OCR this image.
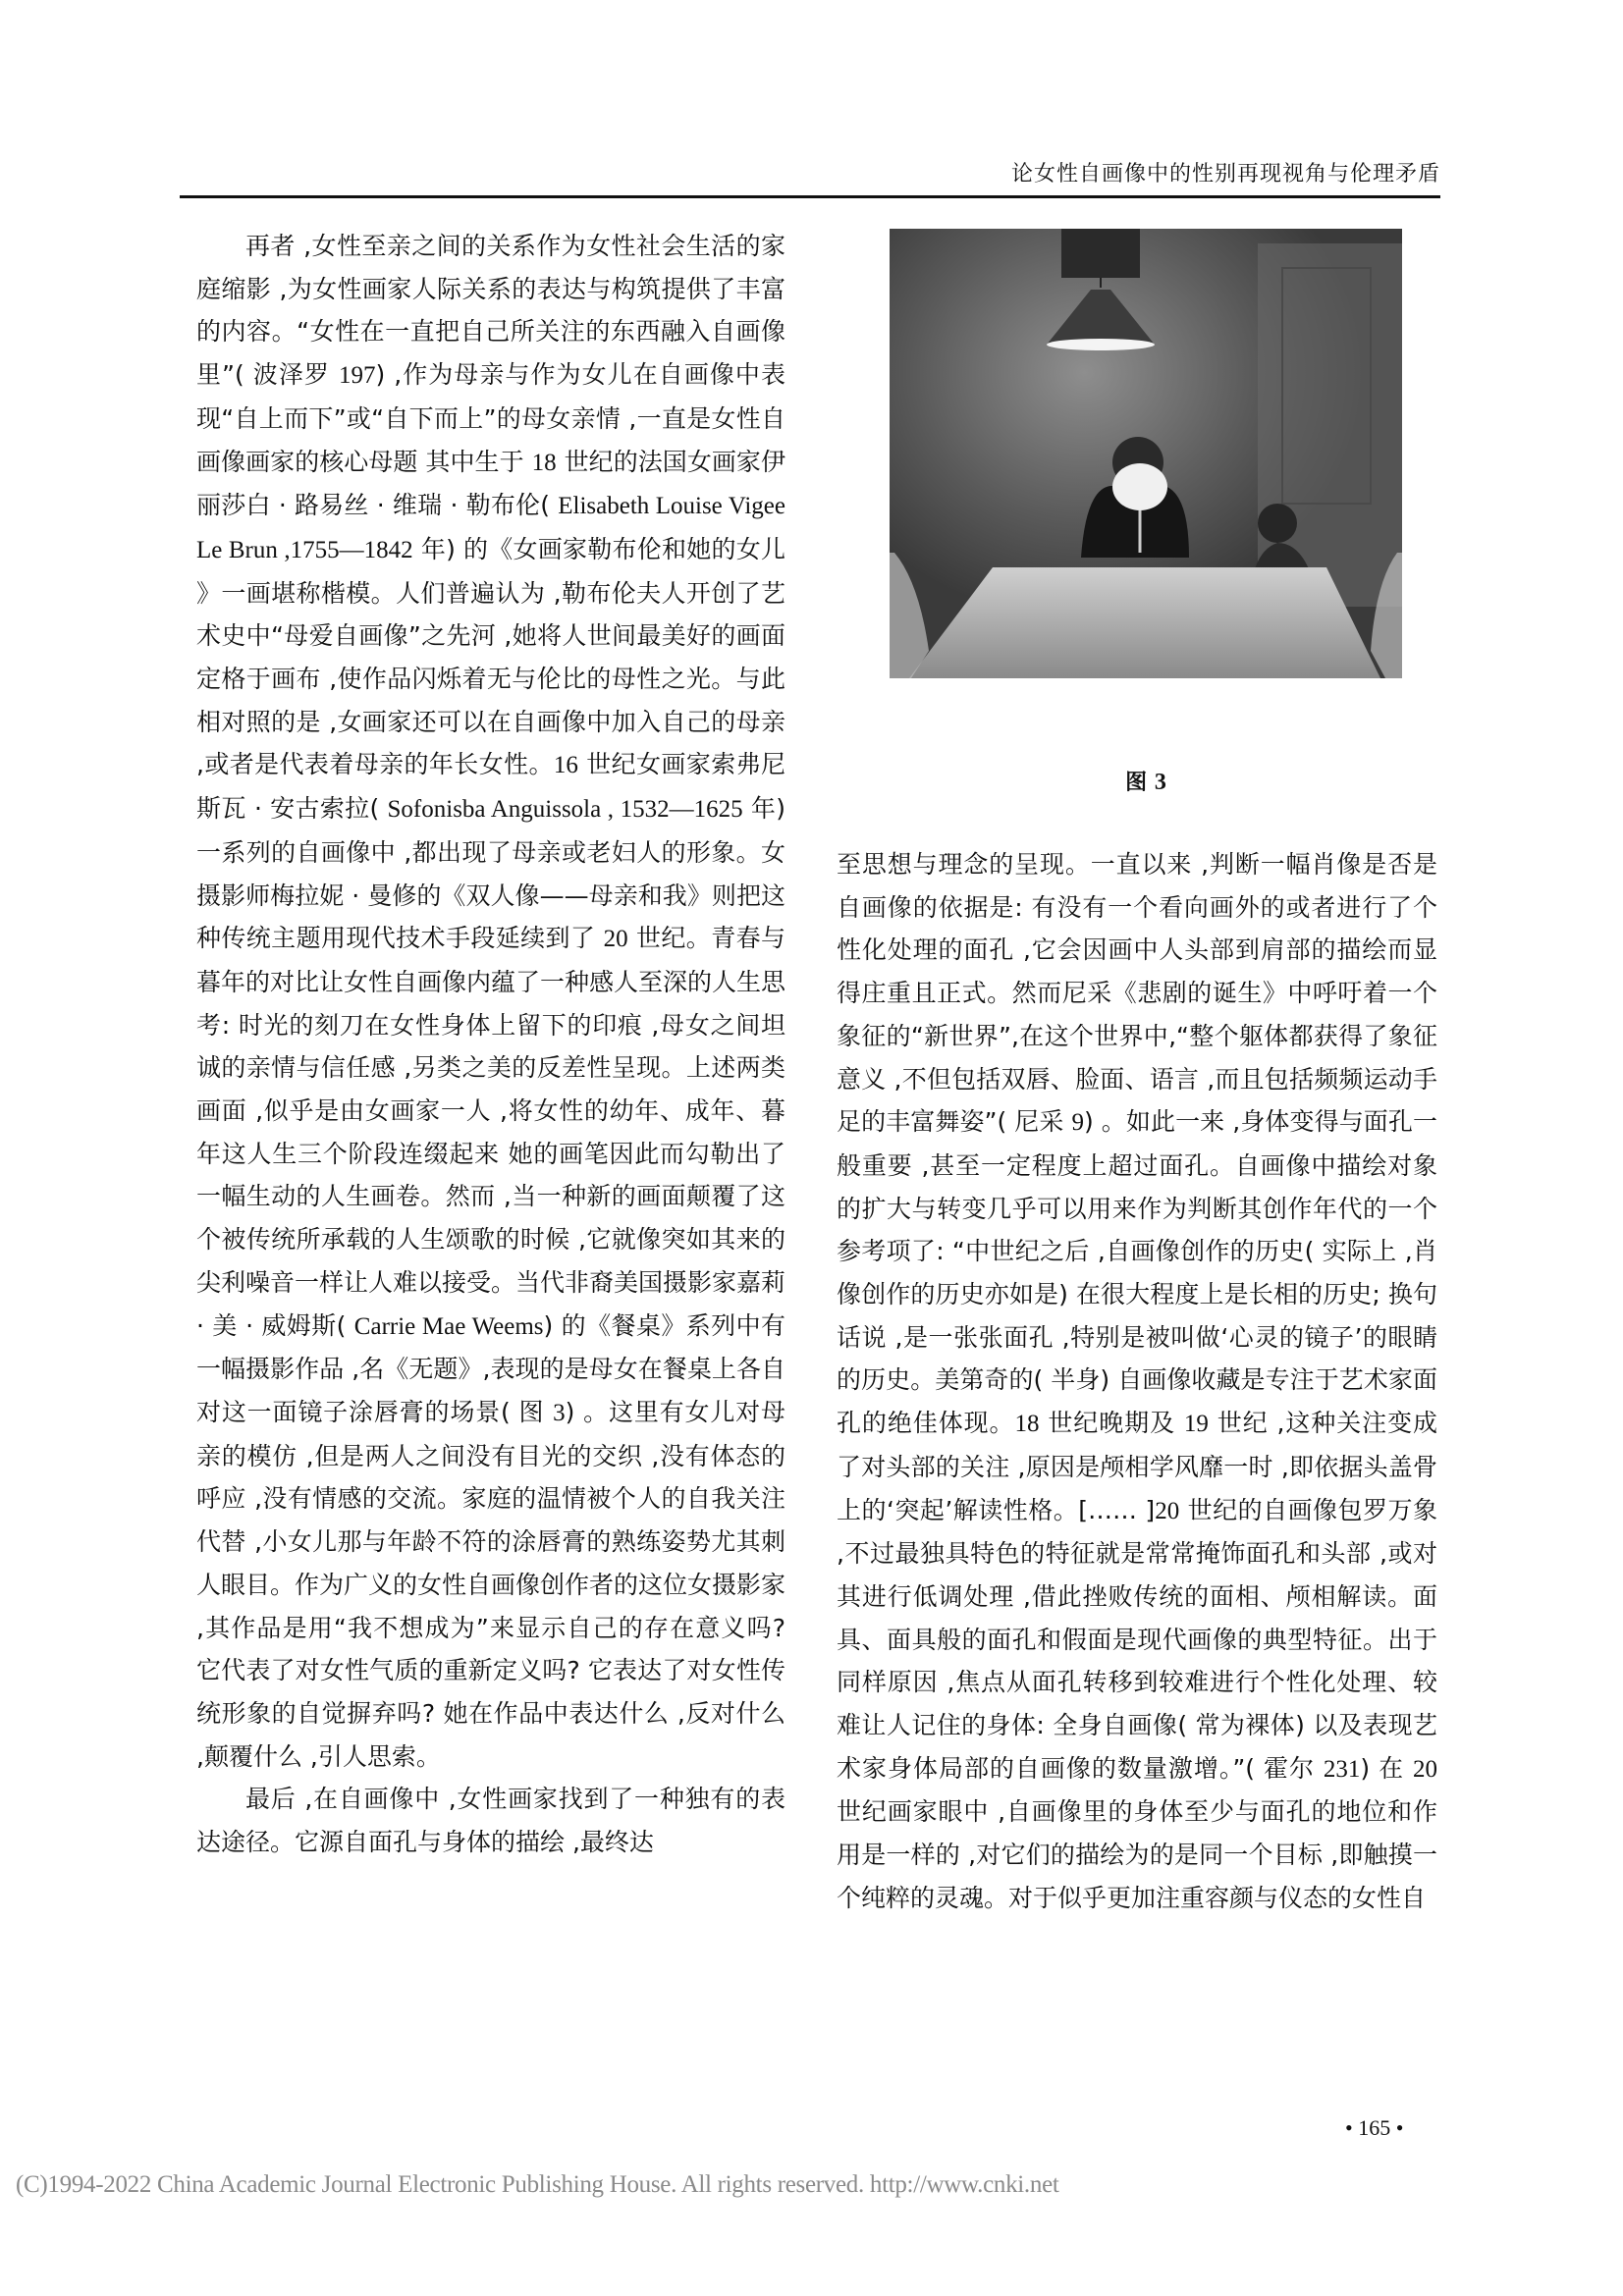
论女性自画像中的性别再现视角与伦理矛盾

再者 ,女性至亲之间的关系作为女性社会生活的家庭缩影 ,为女性画家人际关系的表达与构筑提供了丰富的内容。“女性在一直把自己所关注的东西融入自画像里”( 波泽罗 197) ,作为母亲与作为女儿在自画像中表现“自上而下”或“自下而上”的母女亲情 ,一直是女性自画像画家的核心母题 其中生于 18 世纪的法国女画家伊丽莎白 · 路易丝 · 维瑞 · 勒布伦( Elisabeth Louise Vigee Le Brun ,1755—1842 年) 的《女画家勒布伦和她的女儿》一画堪称楷模。人们普遍认为 ,勒布伦夫人开创了艺术史中“母爱自画像”之先河 ,她将人世间最美好的画面定格于画布 ,使作品闪烁着无与伦比的母性之光。与此相对照的是 ,女画家还可以在自画像中加入自己的母亲 ,或者是代表着母亲的年长女性。16 世纪女画家索弗尼斯瓦 · 安古索拉( Sofonisba Anguissola , 1532—1625 年) 一系列的自画像中 ,都出现了母亲或老妇人的形象。女摄影师梅拉妮 · 曼修的《双人像——母亲和我》则把这种传统主题用现代技术手段延续到了 20 世纪。青春与暮年的对比让女性自画像内蕴了一种感人至深的人生思考: 时光的刻刀在女性身体上留下的印痕 ,母女之间坦诚的亲情与信任感 ,另类之美的反差性呈现。上述两类画面 ,似乎是由女画家一人 ,将女性的幼年、成年、暮年这人生三个阶段连缀起来 她的画笔因此而勾勒出了一幅生动的人生画卷。然而 ,当一种新的画面颠覆了这个被传统所承载的人生颂歌的时候 ,它就像突如其来的尖利噪音一样让人难以接受。当代非裔美国摄影家嘉莉 · 美 · 威姆斯( Carrie Mae Weems) 的《餐桌》系列中有一幅摄影作品 ,名《无题》,表现的是母女在餐桌上各自对这一面镜子涂唇膏的场景( 图 3) 。这里有女儿对母亲的模仿 ,但是两人之间没有目光的交织 ,没有体态的呼应 ,没有情感的交流。家庭的温情被个人的自我关注代替 ,小女儿那与年龄不符的涂唇膏的熟练姿势尤其刺人眼目。作为广义的女性自画像创作者的这位女摄影家 ,其作品是用“我不想成为”来显示自己的存在意义吗? 它代表了对女性气质的重新定义吗? 它表达了对女性传统形象的自觉摒弃吗? 她在作品中表达什么 ,反对什么 ,颠覆什么 ,引人思索。

最后 ,在自画像中 ,女性画家找到了一种独有的表达途径。它源自面孔与身体的描绘 ,最终达

图 3

至思想与理念的呈现。一直以来 ,判断一幅肖像是否是自画像的依据是: 有没有一个看向画外的或者进行了个性化处理的面孔 ,它会因画中人头部到肩部的描绘而显得庄重且正式。然而尼采《悲剧的诞生》中呼吁着一个象征的“新世界”,在这个世界中,“整个躯体都获得了象征意义 ,不但包括双唇、脸面、语言 ,而且包括频频运动手足的丰富舞姿”( 尼采 9) 。如此一来 ,身体变得与面孔一般重要 ,甚至一定程度上超过面孔。自画像中描绘对象的扩大与转变几乎可以用来作为判断其创作年代的一个参考项了: “中世纪之后 ,自画像创作的历史( 实际上 ,肖像创作的历史亦如是) 在很大程度上是长相的历史; 换句话说 ,是一张张面孔 ,特别是被叫做‘心灵的镜子’的眼睛的历史。美第奇的( 半身) 自画像收藏是专注于艺术家面孔的绝佳体现。18 世纪晚期及 19 世纪 ,这种关注变成了对头部的关注 ,原因是颅相学风靡一时 ,即依据头盖骨上的‘突起’解读性格。[…… ]20 世纪的自画像包罗万象 ,不过最独具特色的特征就是常常掩饰面孔和头部 ,或对其进行低调处理 ,借此挫败传统的面相、颅相解读。面具、面具般的面孔和假面是现代画像的典型特征。出于同样原因 ,焦点从面孔转移到较难进行个性化处理、较难让人记住的身体: 全身自画像( 常为裸体) 以及表现艺术家身体局部的自画像的数量激增。”( 霍尔 231) 在 20 世纪画家眼中 ,自画像里的身体至少与面孔的地位和作用是一样的 ,对它们的描绘为的是同一个目标 ,即触摸一个纯粹的灵魂。对于似乎更加注重容颜与仪态的女性自

• 165 •
(C)1994-2022 China Academic Journal Electronic Publishing House. All rights reserved. http://www.cnki.net
